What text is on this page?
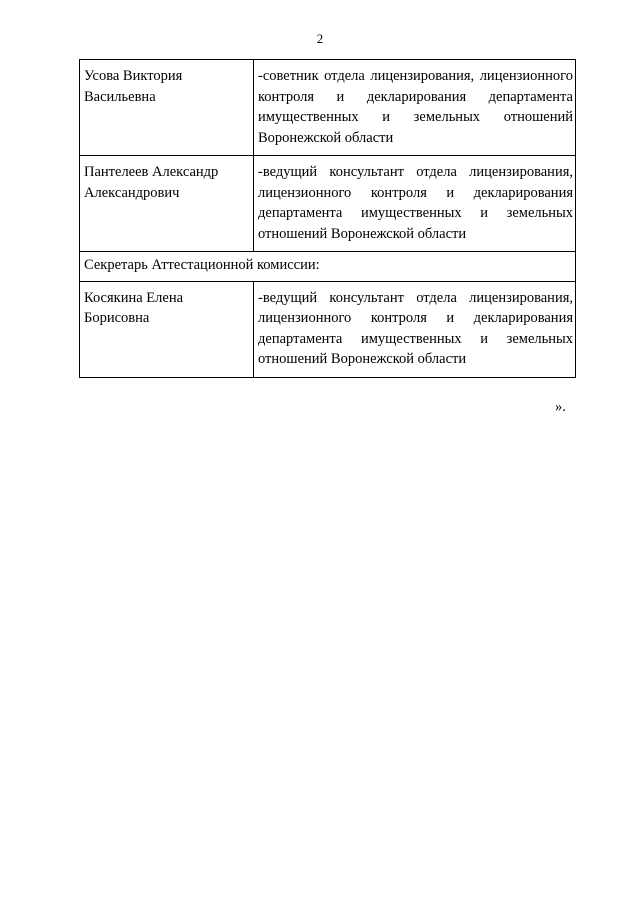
2
Усова Виктория Васильевна	-советник отдела лицензирования, лицензионного контроля и декларирования департамента имущественных и земельных отношений Воронежской области
Пантелеев Александр Александрович	-ведущий консультант отдела лицензирования, лицензионного контроля и декларирования департамента имущественных и земельных отношений Воронежской области
Секретарь Аттестационной комиссии:	
Косякина Елена Борисовна	-ведущий консультант отдела лицензирования, лицензионного контроля и декларирования департамента имущественных и земельных отношений Воронежской области
».
